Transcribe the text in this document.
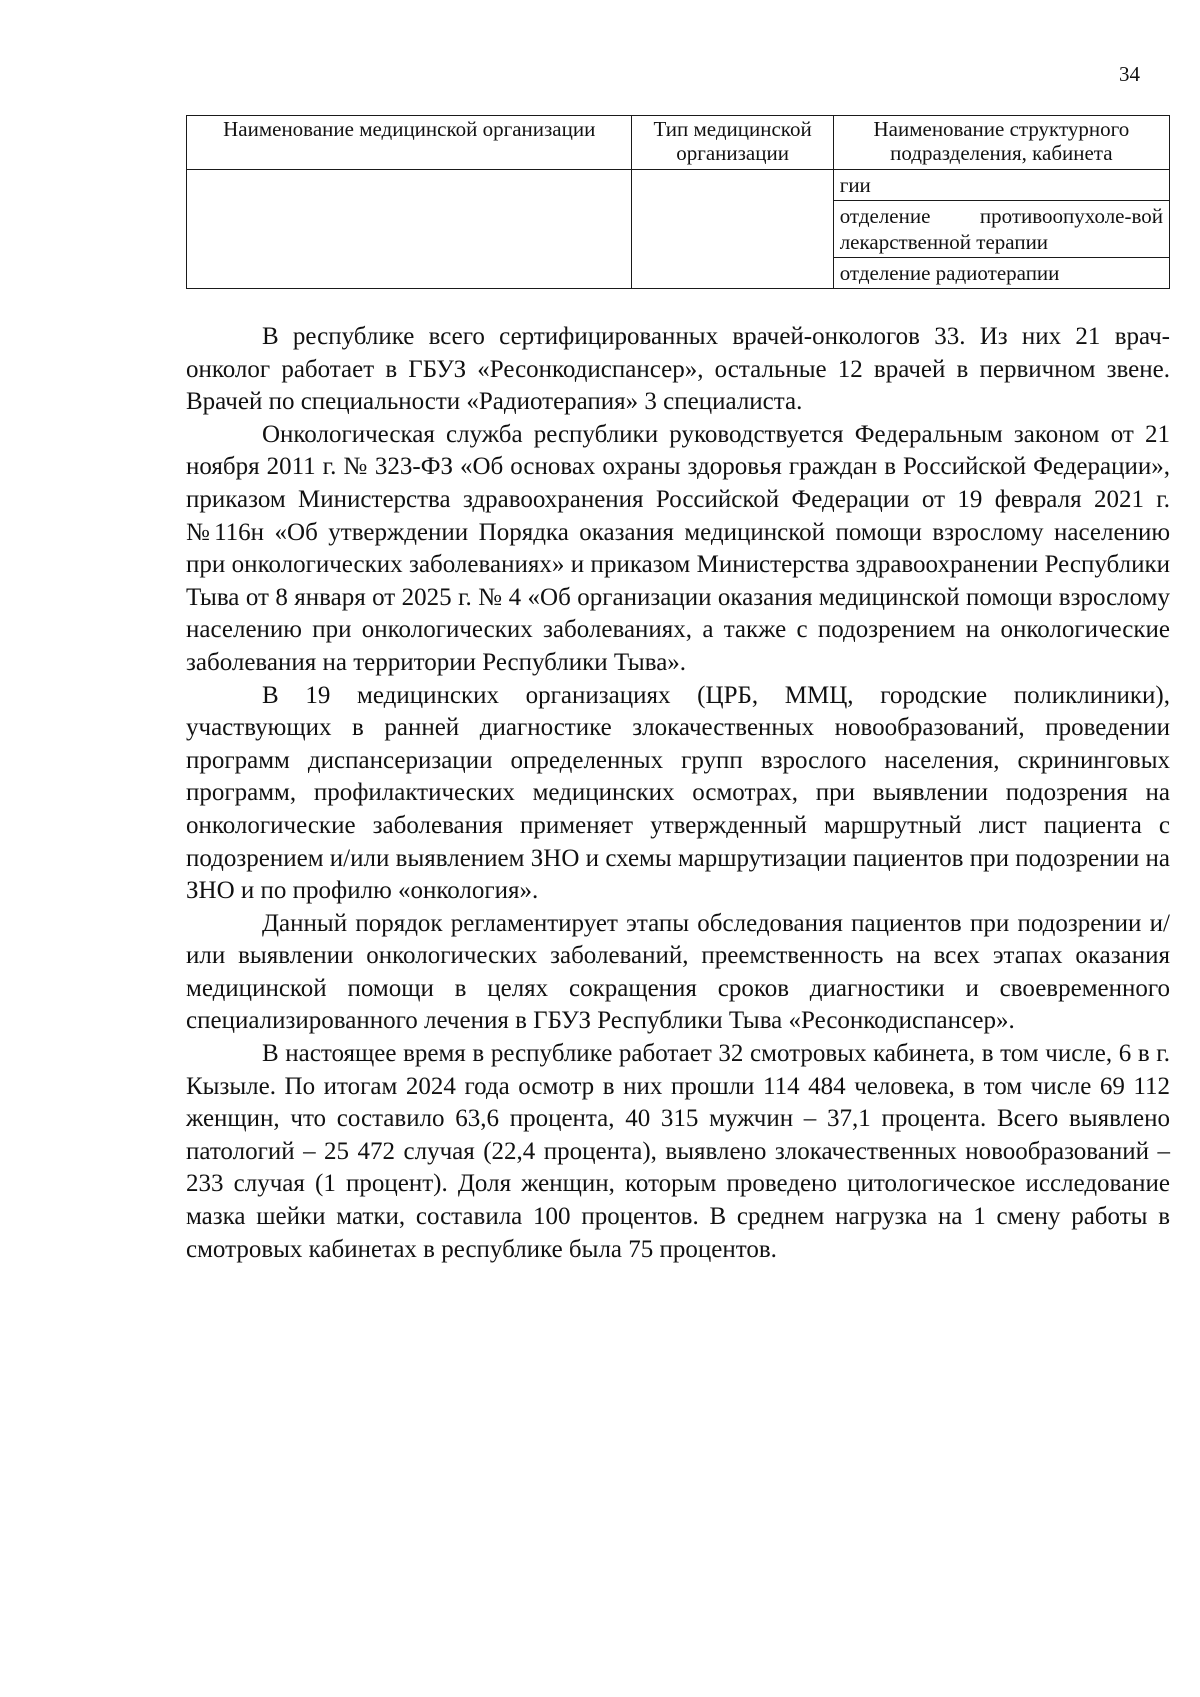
34
Наименование медицинской организации	Тип медицинской организации	Наименование структурного подразделения, кабинета
		гии
		отделение противоопухоле-вой лекарственной терапии
		отделение радиотерапии

В республике всего сертифицированных врачей-онкологов 33. Из них 21 врач-онколог работает в ГБУЗ «Ресонкодиспансер», остальные 12 врачей в первичном звене. Врачей по специальности «Радиотерапия» 3 специалиста.

Онкологическая служба республики руководствуется Федеральным законом от 21 ноября 2011 г. № 323-ФЗ «Об основах охраны здоровья граждан в Российской Федерации», приказом Министерства здравоохранения Российской Федерации от 19 февраля 2021 г. №116н «Об утверждении Порядка оказания медицинской помощи взрослому населению при онкологических заболеваниях» и приказом Министерства здравоохранении Республики Тыва от 8 января от 2025 г. № 4 «Об организации оказания медицинской помощи взрослому населению при онкологических заболеваниях, а также с подозрением на онкологические заболевания на территории Республики Тыва».

В 19 медицинских организациях (ЦРБ, ММЦ, городские поликлиники), участвующих в ранней диагностике злокачественных новообразований, проведении программ диспансеризации определенных групп взрослого населения, скрининговых программ, профилактических медицинских осмотрах, при выявлении подозрения на онкологические заболевания применяет утвержденный маршрутный лист пациента с подозрением и/или выявлением ЗНО и схемы маршрутизации пациентов при подозрении на ЗНО и по профилю «онкология».

Данный порядок регламентирует этапы обследования пациентов при подозрении и/или выявлении онкологических заболеваний, преемственность на всех этапах оказания медицинской помощи в целях сокращения сроков диагностики и своевременного специализированного лечения в ГБУЗ Республики Тыва «Ресонкодиспансер».

В настоящее время в республике работает 32 смотровых кабинета, в том числе, 6 в г. Кызыле. По итогам 2024 года осмотр в них прошли 114 484 человека, в том числе 69 112 женщин, что составило 63,6 процента, 40 315 мужчин – 37,1 процента. Всего выявлено патологий – 25 472 случая (22,4 процента), выявлено злокачественных новообразований – 233 случая (1 процент). Доля женщин, которым проведено цитологическое исследование мазка шейки матки, составила 100 процентов. В среднем нагрузка на 1 смену работы в смотровых кабинетах в республике была 75 процентов.
